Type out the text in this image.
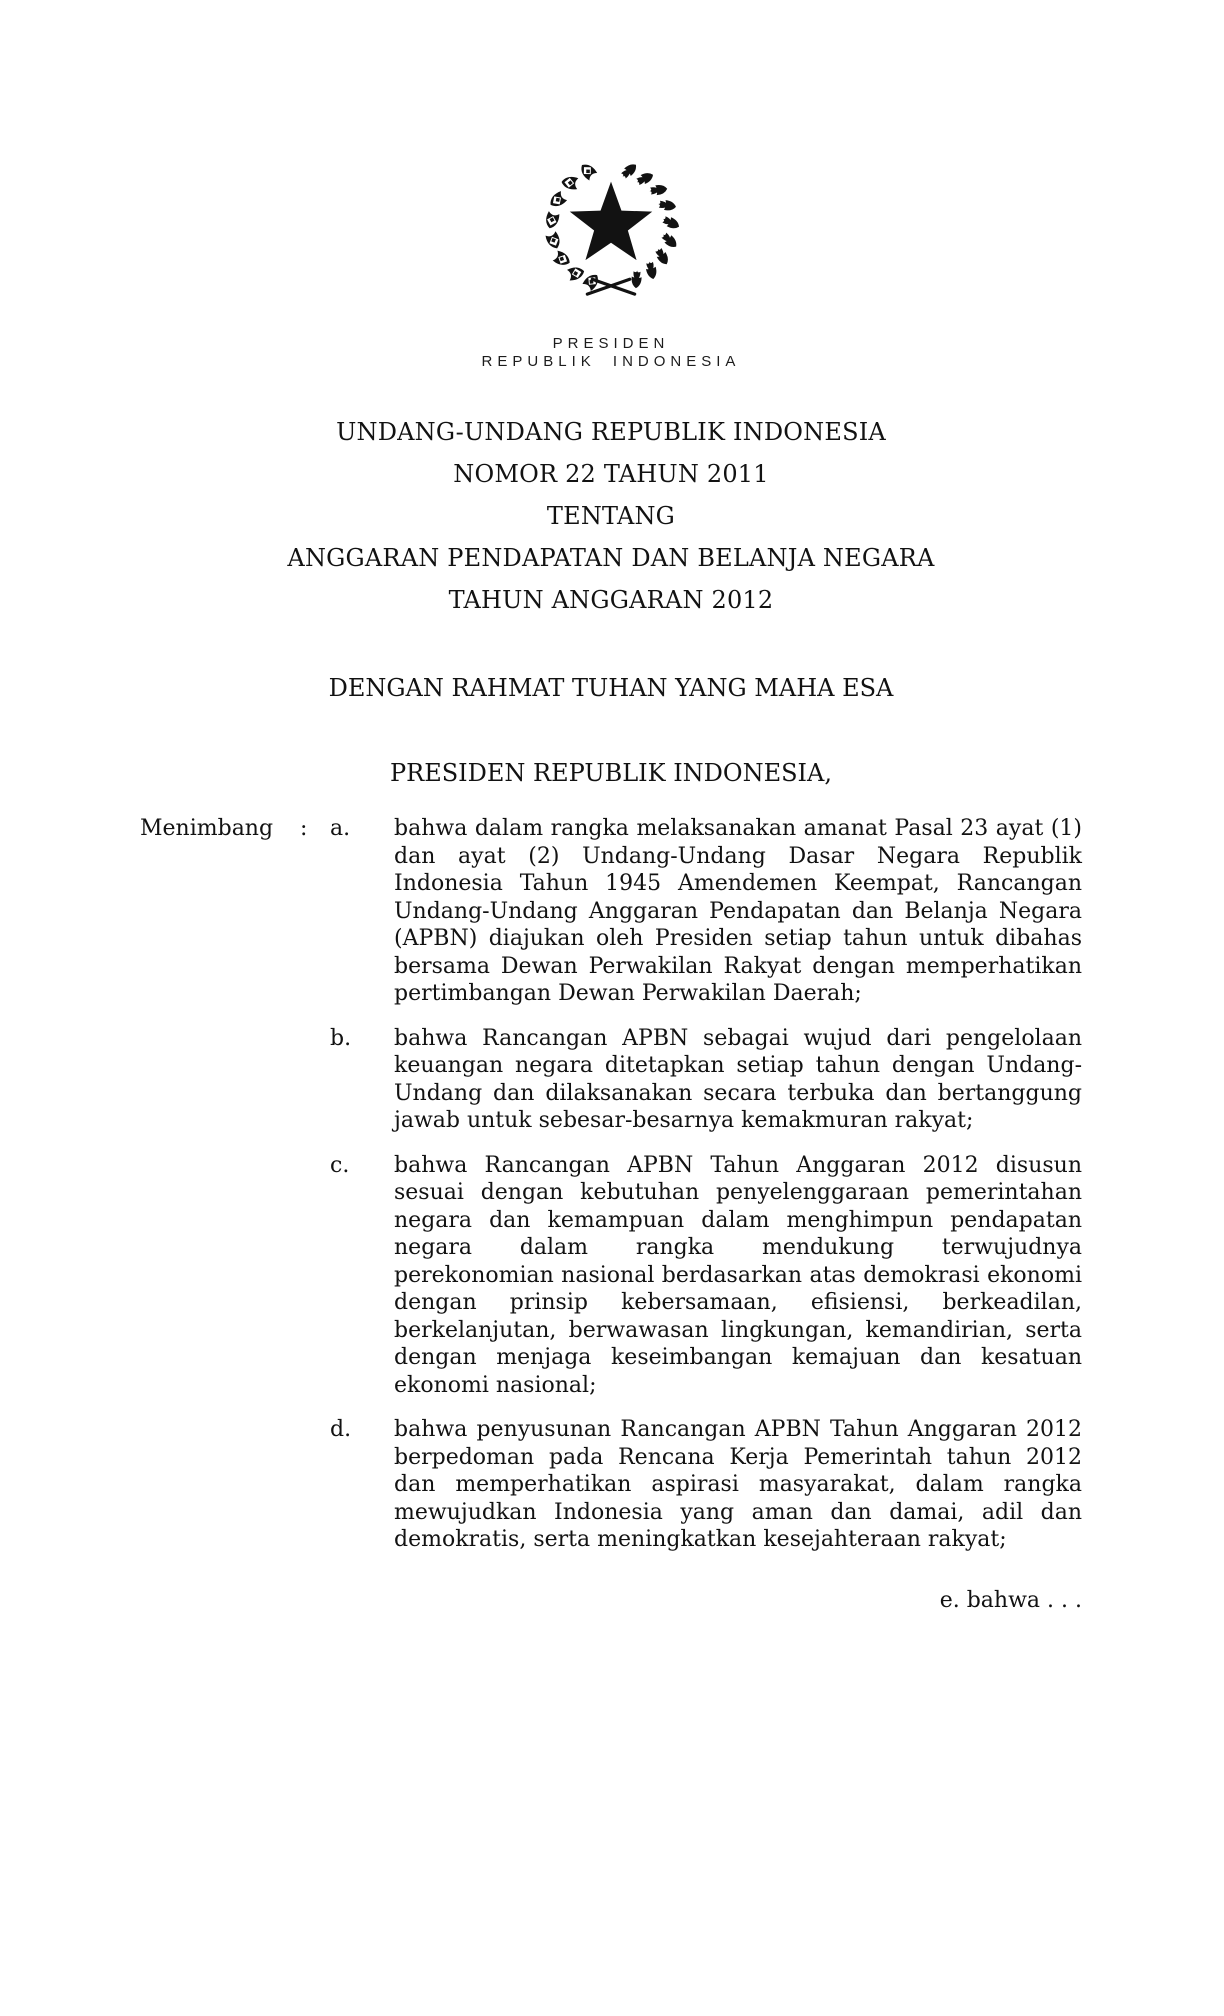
PRESIDEN
REPUBLIK INDONESIA
UNDANG-UNDANG REPUBLIK INDONESIA
NOMOR 22 TAHUN 2011
TENTANG
ANGGARAN PENDAPATAN DAN BELANJA NEGARA
TAHUN ANGGARAN 2012
DENGAN RAHMAT TUHAN YANG MAHA ESA
PRESIDEN REPUBLIK INDONESIA,
Menimbang	:	a.	bahwa dalam rangka melaksanakan amanat Pasal 23 ayat (1) dan ayat (2) Undang-Undang Dasar Negara Republik Indonesia Tahun 1945 Amendemen Keempat, Rancangan Undang-Undang Anggaran Pendapatan dan Belanja Negara (APBN) diajukan oleh Presiden setiap tahun untuk dibahas bersama Dewan Perwakilan Rakyat dengan memperhatikan pertimbangan Dewan Perwakilan Daerah;

b.	bahwa Rancangan APBN sebagai wujud dari pengelolaan keuangan negara ditetapkan setiap tahun dengan Undang-Undang dan dilaksanakan secara terbuka dan bertanggung jawab untuk sebesar-besarnya kemakmuran rakyat;

c.	bahwa Rancangan APBN Tahun Anggaran 2012 disusun sesuai dengan kebutuhan penyelenggaraan pemerintahan negara dan kemampuan dalam menghimpun pendapatan negara dalam rangka mendukung terwujudnya perekonomian nasional berdasarkan atas demokrasi ekonomi dengan prinsip kebersamaan, efisiensi, berkeadilan, berkelanjutan, berwawasan lingkungan, kemandirian, serta dengan menjaga keseimbangan kemajuan dan kesatuan ekonomi nasional;

d.	bahwa penyusunan Rancangan APBN Tahun Anggaran 2012 berpedoman pada Rencana Kerja Pemerintah tahun 2012 dan memperhatikan aspirasi masyarakat, dalam rangka mewujudkan Indonesia yang aman dan damai, adil dan demokratis, serta meningkatkan kesejahteraan rakyat;

e. bahwa . . .
